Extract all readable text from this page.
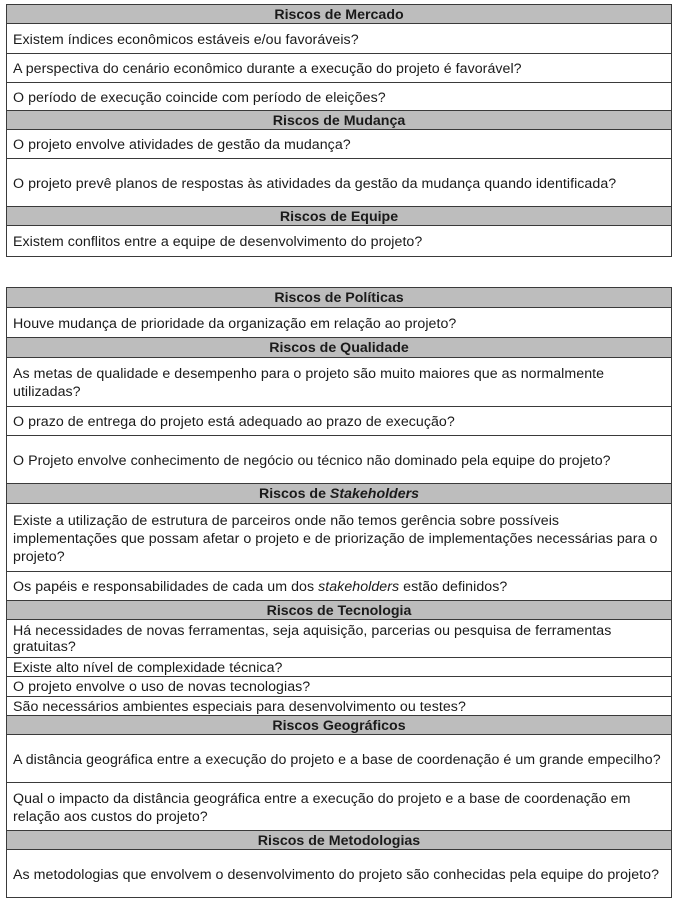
Riscos de Mercado

Existem índices econômicos estáveis e/ou favoráveis?

A perspectiva do cenário econômico durante a execução do projeto é favorável?

O período de execução coincide com período de eleições?

Riscos de Mudança

O projeto envolve atividades de gestão da mudança?

O projeto prevê planos de respostas às atividades da gestão da mudança quando identificada?

Riscos de Equipe

Existem conflitos entre a equipe de desenvolvimento do projeto?
Riscos de Políticas

Houve mudança de prioridade da organização em relação ao projeto?

Riscos de Qualidade

As metas de qualidade e desempenho para o projeto são muito maiores que as normalmente utilizadas?

O prazo de entrega do projeto está adequado ao prazo de execução?

O Projeto envolve conhecimento de negócio ou técnico não dominado pela equipe do projeto?

Riscos de Stakeholders

Existe a utilização de estrutura de parceiros onde não temos gerência sobre possíveis implementações que possam afetar o projeto e de priorização de implementações necessárias para o projeto?

Os papéis e responsabilidades de cada um dos stakeholders estão definidos?

Riscos de Tecnologia

Há necessidades de novas ferramentas, seja aquisição, parcerias ou pesquisa de ferramentas gratuitas?

Existe alto nível de complexidade técnica?

O projeto envolve o uso de novas tecnologias?

São necessários ambientes especiais para desenvolvimento ou testes?

Riscos Geográficos

A distância geográfica entre a execução do projeto e a base de coordenação é um grande empecilho?

Qual o impacto da distância geográfica entre a execução do projeto e a base de coordenação em relação aos custos do projeto?

Riscos de Metodologias

As metodologias que envolvem o desenvolvimento do projeto são conhecidas pela equipe do projeto?
